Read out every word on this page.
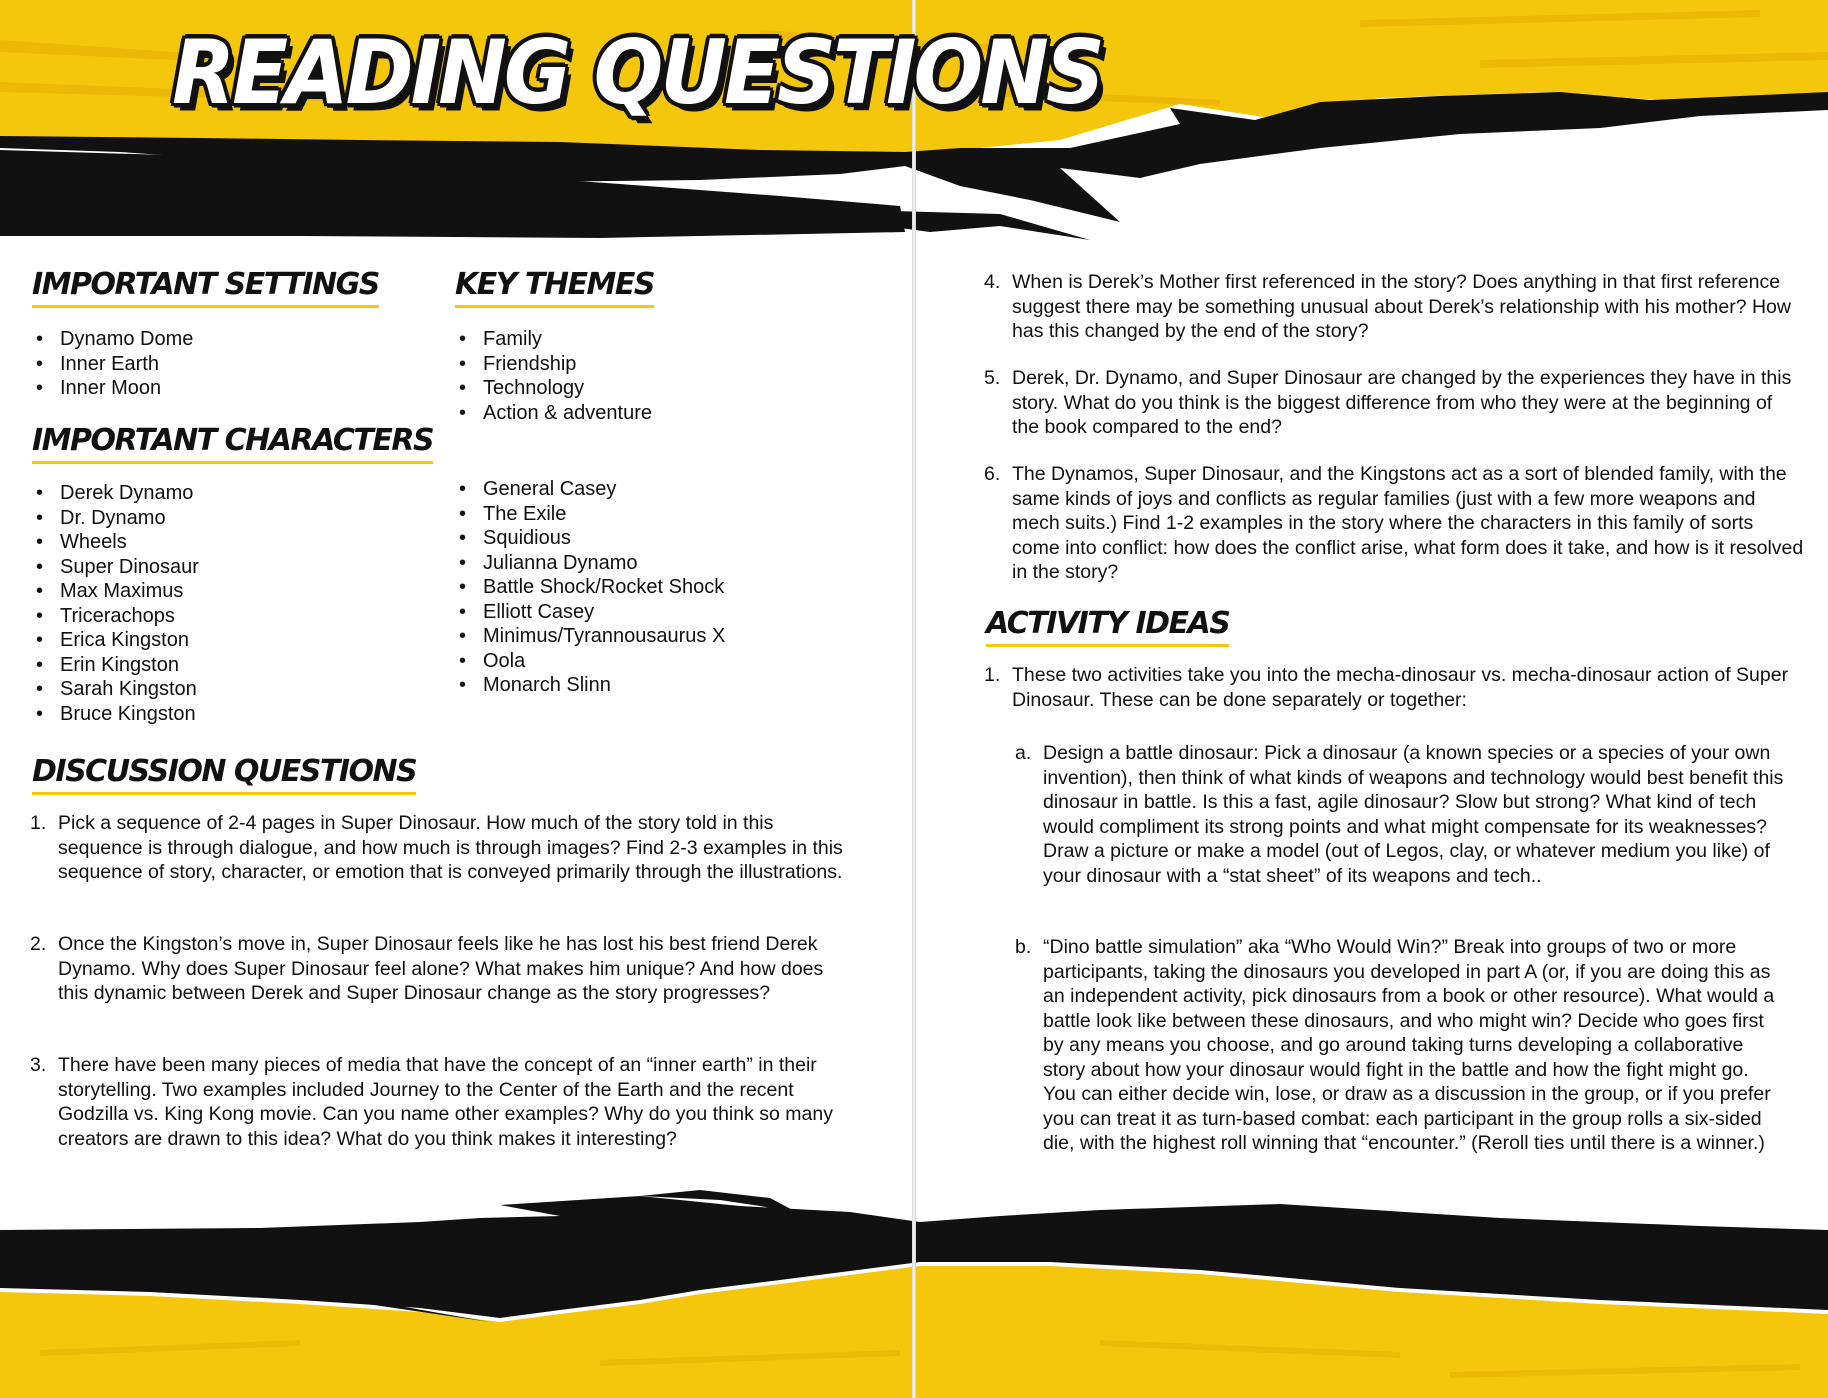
READING QUESTIONS
IMPORTANT SETTINGS
• Dynamo Dome
• Inner Earth
• Inner Moon
KEY THEMES
• Family
• Friendship
• Technology
• Action & adventure
IMPORTANT CHARACTERS
• Derek Dynamo
• Dr. Dynamo
• Wheels
• Super Dinosaur
• Max Maximus
• Tricerachops
• Erica Kingston
• Erin Kingston
• Sarah Kingston
• Bruce Kingston
• General Casey
• The Exile
• Squidious
• Julianna Dynamo
• Battle Shock/Rocket Shock
• Elliott Casey
• Minimus/Tyrannousaurus X
• Oola
• Monarch Slinn
DISCUSSION QUESTIONS
1. Pick a sequence of 2-4 pages in Super Dinosaur. How much of the story told in this sequence is through dialogue, and how much is through images? Find 2-3 examples in this sequence of story, character, or emotion that is conveyed primarily through the illustrations.
2. Once the Kingston’s move in, Super Dinosaur feels like he has lost his best friend Derek Dynamo. Why does Super Dinosaur feel alone? What makes him unique? And how does this dynamic between Derek and Super Dinosaur change as the story progresses?
3. There have been many pieces of media that have the concept of an “inner earth” in their storytelling. Two examples included Journey to the Center of the Earth and the recent Godzilla vs. King Kong movie. Can you name other examples? Why do you think so many creators are drawn to this idea? What do you think makes it interesting?
4. When is Derek’s Mother first referenced in the story? Does anything in that first reference suggest there may be something unusual about Derek’s relationship with his mother? How has this changed by the end of the story?
5. Derek, Dr. Dynamo, and Super Dinosaur are changed by the experiences they have in this story. What do you think is the biggest difference from who they were at the beginning of the book compared to the end?
6. The Dynamos, Super Dinosaur, and the Kingstons act as a sort of blended family, with the same kinds of joys and conflicts as regular families (just with a few more weapons and mech suits.) Find 1-2 examples in the story where the characters in this family of sorts come into conflict: how does the conflict arise, what form does it take, and how is it resolved in the story?
ACTIVITY IDEAS
1. These two activities take you into the mecha-dinosaur vs. mecha-dinosaur action of Super Dinosaur. These can be done separately or together:
a. Design a battle dinosaur: Pick a dinosaur (a known species or a species of your own invention), then think of what kinds of weapons and technology would best benefit this dinosaur in battle. Is this a fast, agile dinosaur? Slow but strong? What kind of tech would compliment its strong points and what might compensate for its weaknesses? Draw a picture or make a model (out of Legos, clay, or whatever medium you like) of your dinosaur with a “stat sheet” of its weapons and tech..
b. “Dino battle simulation” aka “Who Would Win?” Break into groups of two or more participants, taking the dinosaurs you developed in part A (or, if you are doing this as an independent activity, pick dinosaurs from a book or other resource). What would a battle look like between these dinosaurs, and who might win? Decide who goes first by any means you choose, and go around taking turns developing a collaborative story about how your dinosaur would fight in the battle and how the fight might go. You can either decide win, lose, or draw as a discussion in the group, or if you prefer you can treat it as turn-based combat: each participant in the group rolls a six-sided die, with the highest roll winning that “encounter.” (Reroll ties until there is a winner.)
